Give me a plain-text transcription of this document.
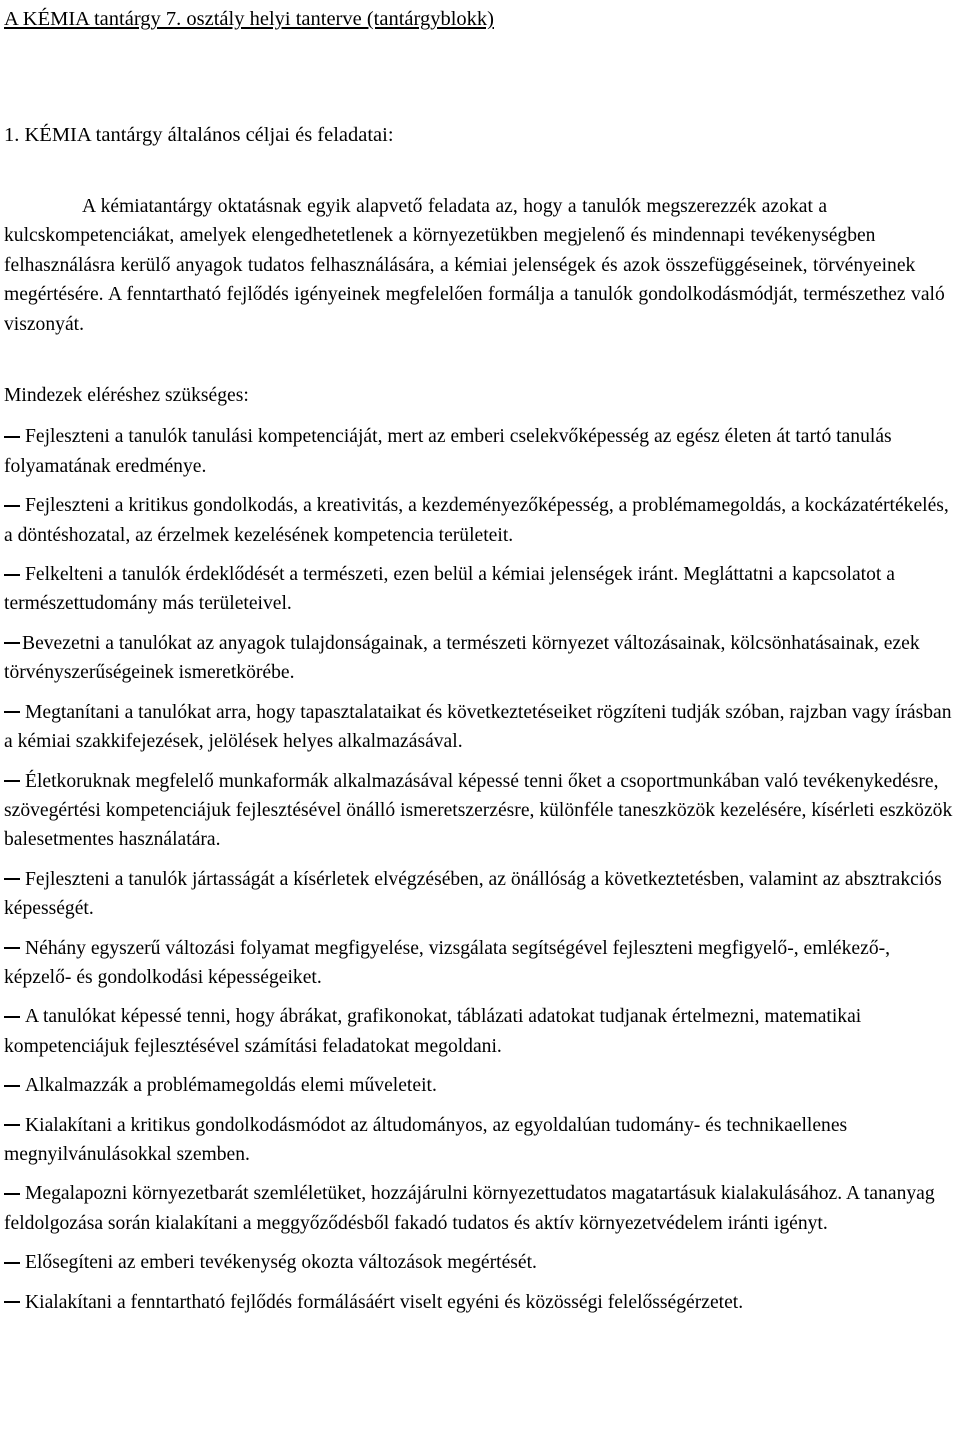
A KÉMIA tantárgy 7. osztály helyi tanterve (tantárgyblokk)
1. KÉMIA tantárgy általános céljai és feladatai:

A kémiatantárgy oktatásnak egyik alapvető feladata az, hogy a tanulók megszerezzék azokat a kulcskompetenciákat, amelyek elengedhetetlenek a környezetükben megjelenő és mindennapi tevékenységben felhasználásra kerülő anyagok tudatos felhasználására, a kémiai jelenségek és azok összefüggéseinek, törvényeinek megértésére. A fenntartható fejlődés igényeinek megfelelően formálja a tanulók gondolkodásmódját, természethez való viszonyát.

Mindezek eléréshez szükséges:

Fejleszteni a tanulók tanulási kompetenciáját, mert az emberi cselekvőképesség az egész életen át tartó tanulás folyamatának eredménye.

Fejleszteni a kritikus gondolkodás, a kreativitás, a kezdeményezőképesség, a problémamegoldás, a kockázatértékelés, a döntéshozatal, az érzelmek kezelésének kompetencia területeit.

Felkelteni a tanulók érdeklődését a természeti, ezen belül a kémiai jelenségek iránt. Megláttatni a kapcsolatot a természettudomány más területeivel.

Bevezetni a tanulókat az anyagok tulajdonságainak, a természeti környezet változásainak, kölcsönhatásainak, ezek törvényszerűségeinek ismeretkörébe.

Megtanítani a tanulókat arra, hogy tapasztalataikat és következtetéseiket rögzíteni tudják szóban, rajzban vagy írásban a kémiai szakkifejezések, jelölések helyes alkalmazásával.

Életkoruknak megfelelő munkaformák alkalmazásával képessé tenni őket a csoportmunkában való tevékenykedésre, szövegértési kompetenciájuk fejlesztésével önálló ismeretszerzésre, különféle taneszközök kezelésére, kísérleti eszközök balesetmentes használatára.

Fejleszteni a tanulók jártasságát a kísérletek elvégzésében, az önállóság a következtetésben, valamint az absztrakciós képességét.

Néhány egyszerű változási folyamat megfigyelése, vizsgálata segítségével fejleszteni megfigyelő-, emlékező-, képzelő- és gondolkodási képességeiket.

A tanulókat képessé tenni, hogy ábrákat, grafikonokat, táblázati adatokat tudjanak értelmezni, matematikai kompetenciájuk fejlesztésével számítási feladatokat megoldani.

Alkalmazzák a problémamegoldás elemi műveleteit.

Kialakítani a kritikus gondolkodásmódot az áltudományos, az egyoldalúan tudomány- és technikaellenes megnyilvánulásokkal szemben.

Megalapozni környezetbarát szemléletüket, hozzájárulni környezettudatos magatartásuk kialakulásához. A tananyag feldolgozása során kialakítani a meggyőződésből fakadó tudatos és aktív környezetvédelem iránti igényt.

Elősegíteni az emberi tevékenység okozta változások megértését.

Kialakítani a fenntartható fejlődés formálásáért viselt egyéni és közösségi felelősségérzetet.
